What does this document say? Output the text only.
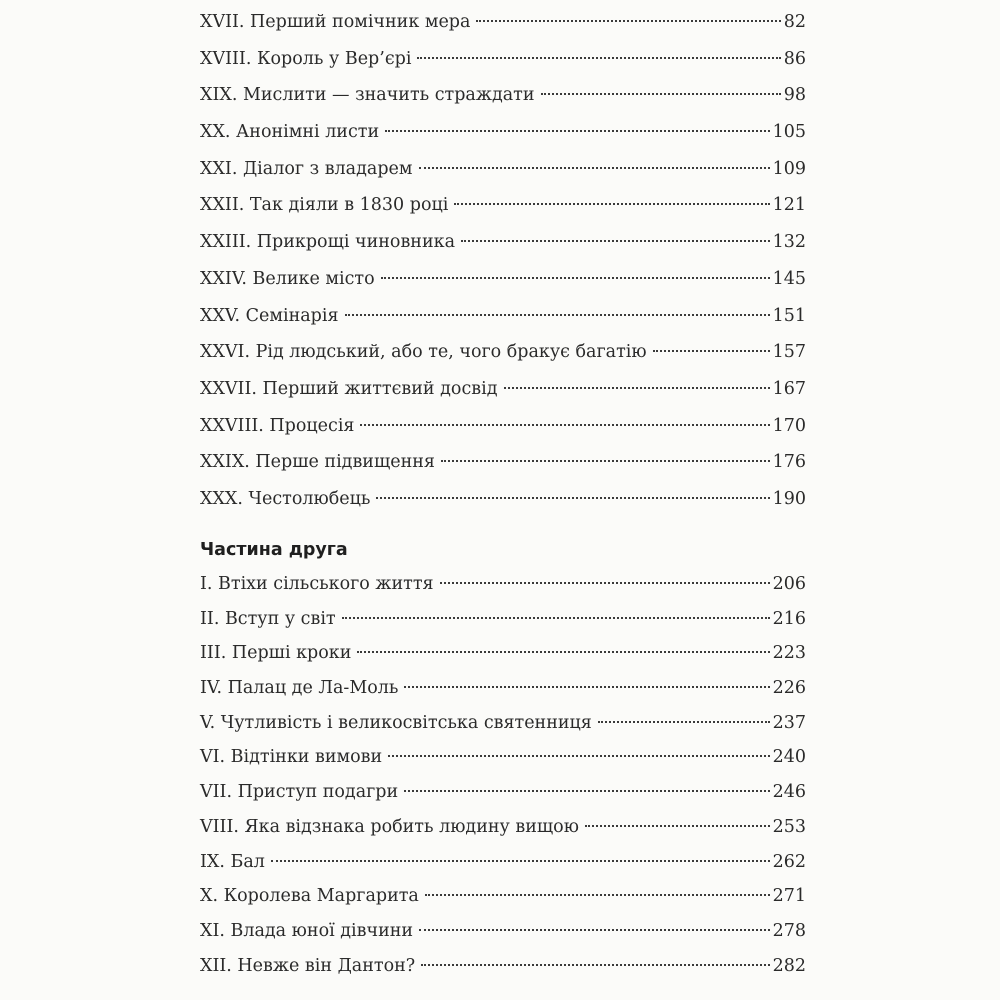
XVII. Перший помічник мера	82
XVIII. Король у Вер’єрі	86
XIX. Мислити — значить страждати	98
XX. Анонімні листи	105
XXI. Діалог з владарем	109
XXII. Так діяли в 1830 році	121
XXIII. Прикрощі чиновника	132
XXIV. Велике місто	145
XXV. Семінарія	151
XXVI. Рід людський, або те, чого бракує багатію	157
XXVII. Перший життєвий досвід	167
XXVIII. Процесія	170
XXIX. Перше підвищення	176
XXX. Честолюбець	190
Частина друга
I. Втіхи сільського життя	206
II. Вступ у світ	216
III. Перші кроки	223
IV. Палац де Ла-Моль	226
V. Чутливість і великосвітська святенниця	237
VI. Відтінки вимови	240
VII. Приступ подагри	246
VIII. Яка відзнака робить людину вищою	253
IX. Бал	262
X. Королева Маргарита	271
XI. Влада юної дівчини	278
XII. Невже він Дантон?	282
